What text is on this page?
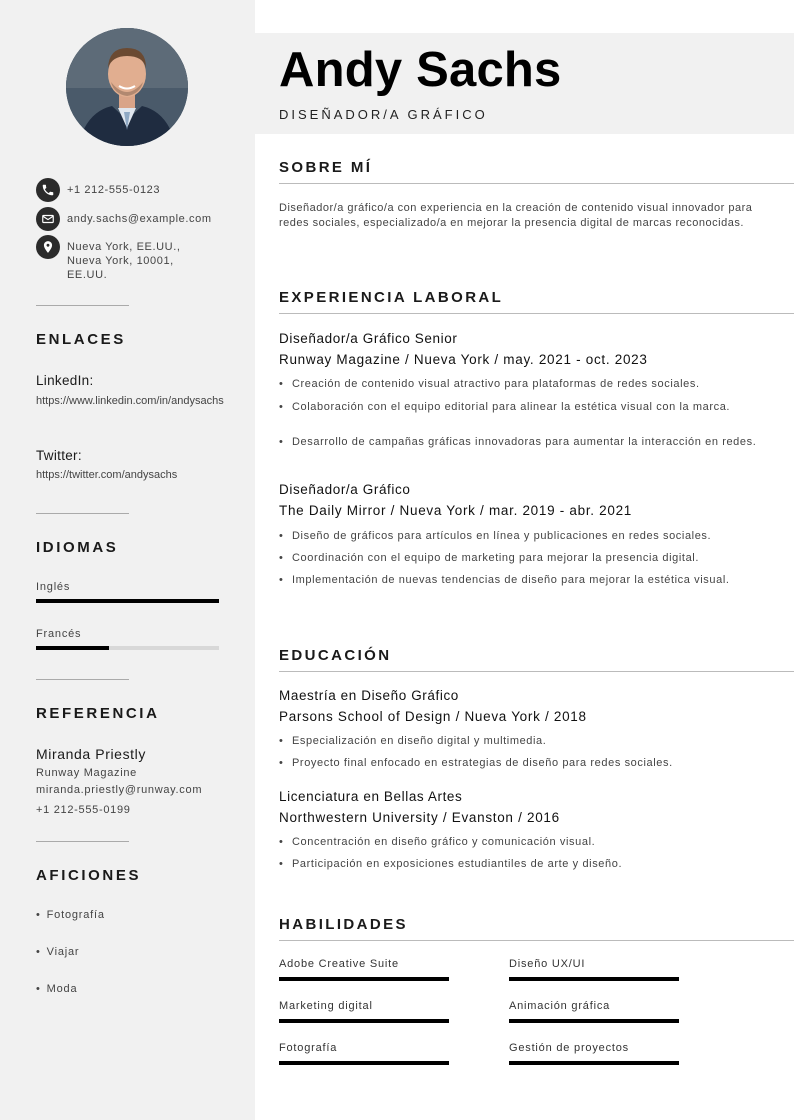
+1 212-555-0123
andy.sachs@example.com
Nueva York, EE.UU.,
Nueva York, 10001,
EE.UU.
ENLACES
LinkedIn:
https://www.linkedin.com/in/andysachs
Twitter:
https://twitter.com/andysachs
IDIOMAS
Inglés
Francés
REFERENCIA
Miranda Priestly
Runway Magazine
miranda.priestly@runway.com
+1 212-555-0199
AFICIONES
• Fotografía
• Viajar
• Moda
Andy Sachs
DISEÑADOR/A GRÁFICO
SOBRE MÍ
Diseñador/a gráfico/a con experiencia en la creación de contenido visual innovador para redes sociales, especializado/a en mejorar la presencia digital de marcas reconocidas.
EXPERIENCIA LABORAL
Diseñador/a Gráfico Senior
Runway Magazine / Nueva York / may. 2021 - oct. 2023
• Creación de contenido visual atractivo para plataformas de redes sociales.
• Colaboración con el equipo editorial para alinear la estética visual con la marca.
• Desarrollo de campañas gráficas innovadoras para aumentar la interacción en redes.
Diseñador/a Gráfico
The Daily Mirror / Nueva York / mar. 2019 - abr. 2021
• Diseño de gráficos para artículos en línea y publicaciones en redes sociales.
• Coordinación con el equipo de marketing para mejorar la presencia digital.
• Implementación de nuevas tendencias de diseño para mejorar la estética visual.
EDUCACIÓN
Maestría en Diseño Gráfico
Parsons School of Design / Nueva York / 2018
• Especialización en diseño digital y multimedia.
• Proyecto final enfocado en estrategias de diseño para redes sociales.
Licenciatura en Bellas Artes
Northwestern University / Evanston / 2016
• Concentración en diseño gráfico y comunicación visual.
• Participación en exposiciones estudiantiles de arte y diseño.
HABILIDADES
Adobe Creative Suite	Diseño UX/UI
Marketing digital	Animación gráfica
Fotografía	Gestión de proyectos
